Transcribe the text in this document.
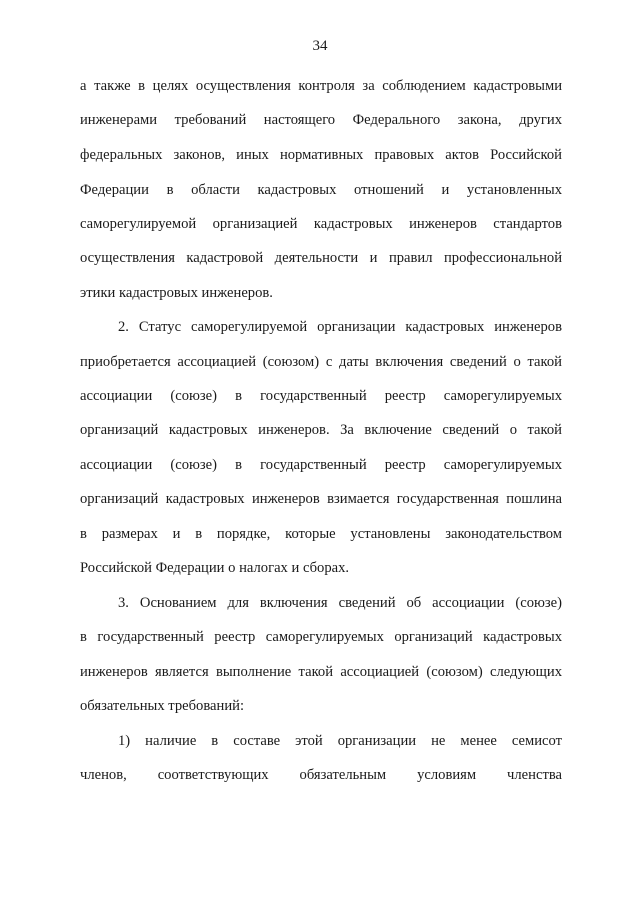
34
а также в целях осуществления контроля за соблюдением кадастровыми
инженерами требований настоящего Федерального закона, других
федеральных законов, иных нормативных правовых актов Российской
Федерации в области кадастровых отношений и установленных
саморегулируемой организацией кадастровых инженеров стандартов
осуществления кадастровой деятельности и правил профессиональной
этики кадастровых инженеров.
2. Статус саморегулируемой организации кадастровых инженеров
приобретается ассоциацией (союзом) с даты включения сведений о такой
ассоциации (союзе) в государственный реестр саморегулируемых
организаций кадастровых инженеров. За включение сведений о такой
ассоциации (союзе) в государственный реестр саморегулируемых
организаций кадастровых инженеров взимается государственная пошлина
в размерах и в порядке, которые установлены законодательством
Российской Федерации о налогах и сборах.
3. Основанием для включения сведений об ассоциации (союзе)
в государственный реестр саморегулируемых организаций кадастровых
инженеров является выполнение такой ассоциацией (союзом) следующих
обязательных требований:
1) наличие в составе этой организации не менее семисот
членов, соответствующих обязательным условиям членства
